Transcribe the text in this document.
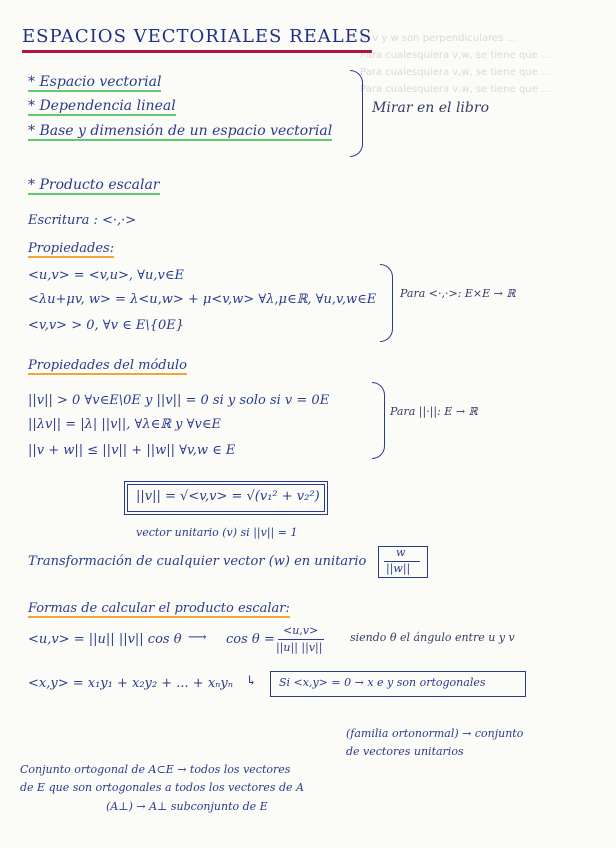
Si v y w son perpendiculares ...
Para cualesquiera v,w, se tiene que ...
Para cualesquiera v,w, se tiene que ...
Para cualesquiera v,w, se tiene que ...
ESPACIOS VECTORIALES REALES
* Espacio vectorial
* Dependencia lineal
* Base y dimensión de un espacio vectorial
Mirar en el libro
* Producto escalar
Escritura : <·,·>
Propiedades:
<u,v> = <v,u>, ∀u,v∈E
<λu+μv, w> = λ<u,w> + μ<v,w> ∀λ,μ∈ℝ, ∀u,v,w∈E
<v,v> > 0, ∀v ∈ E\{0E}
Para <·,·>: E×E → ℝ
Propiedades del módulo
||v|| > 0 ∀v∈E\0E y ||v|| = 0 si y solo si v = 0E
||λv|| = |λ| ||v||, ∀λ∈ℝ y ∀v∈E
||v + w|| ≤ ||v|| + ||w|| ∀v,w ∈ E
Para ||·||: E → ℝ
||v|| = √<v,v> = √(v₁² + v₂²)
vector unitario (v) si ||v|| = 1
Transformación de cualquier vector (w) en unitario
w
||w||
Formas de calcular el producto escalar:
<u,v> = ||u|| ||v|| cos θ ⟶ cos θ =
<u,v>
||u|| ||v||
siendo θ el ángulo entre u y v
<x,y> = x₁y₁ + x₂y₂ + ... + xₙyₙ ↳ Si <x,y> = 0 → x e y son ortogonales
(familia ortonormal) → conjunto
de vectores unitarios
Conjunto ortogonal de A⊂E → todos los vectores
de E que son ortogonales a todos los vectores de A
(A⊥) → A⊥ subconjunto de E
